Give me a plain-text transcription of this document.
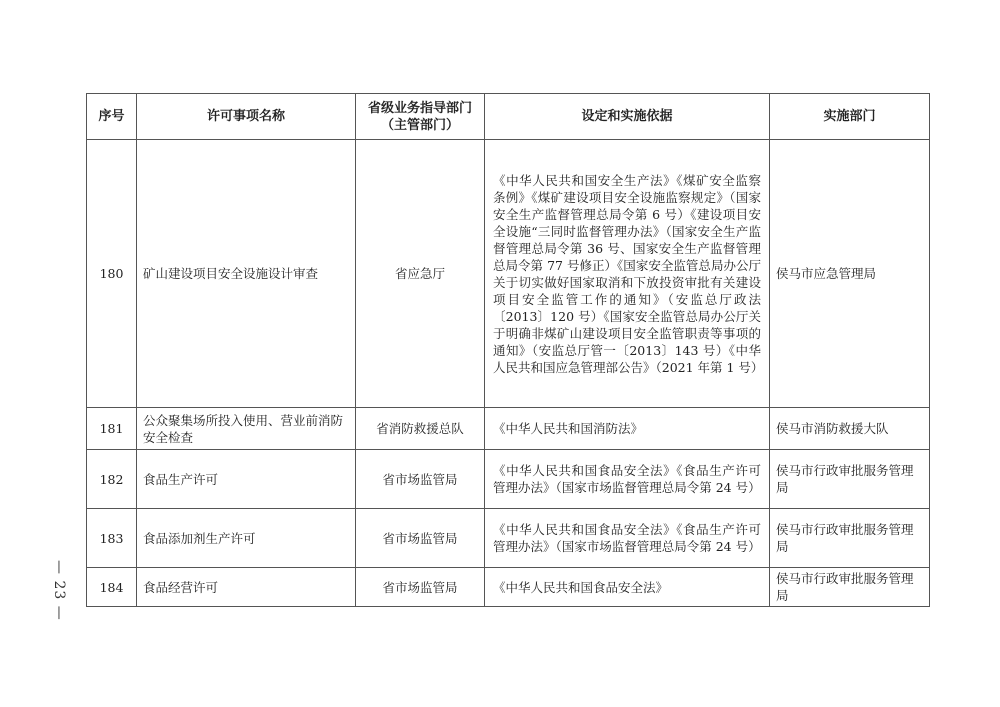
— 23 —
序号	许可事项名称	省级业务指导部门（主管部门）	设定和实施依据	实施部门
180	矿山建设项目安全设施设计审查	省应急厅	《中华人民共和国安全生产法》《煤矿安全监察条例》《煤矿建设项目安全设施监察规定》（国家安全生产监督管理总局令第 6 号）《建设项目安全设施“三同时监督管理办法》（国家安全生产监督管理总局令第 36 号、国家安全生产监督管理总局令第 77 号修正）《国家安全监管总局办公厅关于切实做好国家取消和下放投资审批有关建设项目安全监管工作的通知》（安监总厅政法〔2013〕120 号）《国家安全监管总局办公厅关于明确非煤矿山建设项目安全监管职责等事项的通知》（安监总厅管一〔2013〕143 号）《中华人民共和国应急管理部公告》（2021 年第 1 号）	侯马市应急管理局
181	公众聚集场所投入使用、营业前消防安全检查	省消防救援总队	《中华人民共和国消防法》	侯马市消防救援大队
182	食品生产许可	省市场监管局	《中华人民共和国食品安全法》《食品生产许可管理办法》（国家市场监督管理总局令第 24 号）	侯马市行政审批服务管理局
183	食品添加剂生产许可	省市场监管局	《中华人民共和国食品安全法》《食品生产许可管理办法》（国家市场监督管理总局令第 24 号）	侯马市行政审批服务管理局
184	食品经营许可	省市场监管局	《中华人民共和国食品安全法》	侯马市行政审批服务管理局
